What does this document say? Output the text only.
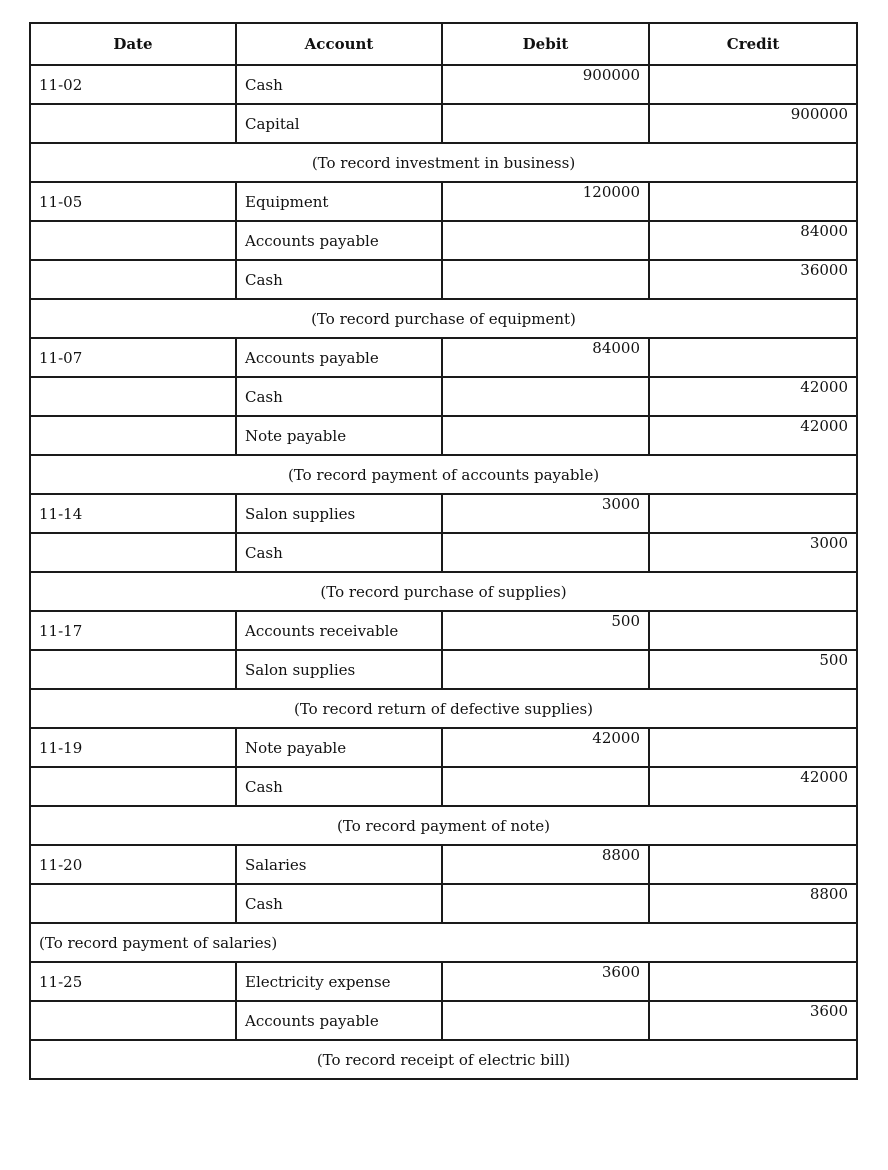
Date	Account	Debit	Credit
11-02	Cash	900000	
	Capital		900000
(To record investment in business)			
11-05	Equipment	120000	
	Accounts payable		84000
	Cash		36000
(To record purchase of equipment)			
11-07	Accounts payable	84000	
	Cash		42000
	Note payable		42000
(To record payment of accounts payable)			
11-14	Salon supplies	3000	
	Cash		3000
(To record purchase of supplies)			
11-17	Accounts receivable	500	
	Salon supplies		500
(To record return of defective supplies)			
11-19	Note payable	42000	
	Cash		42000
(To record payment of note)			
11-20	Salaries	8800	
	Cash		8800
(To record payment of salaries)			
11-25	Electricity expense	3600	
	Accounts payable		3600
(To record receipt of electric bill)			
